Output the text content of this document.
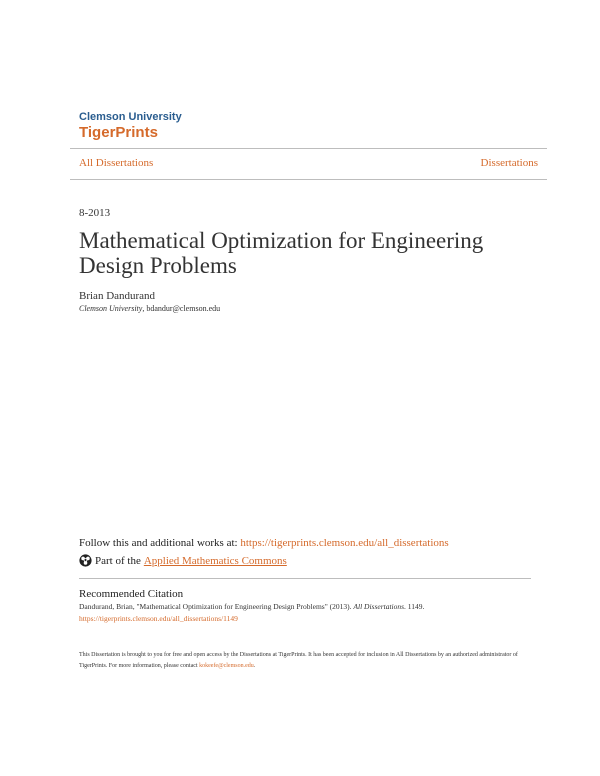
Clemson University
TigerPrints
All Dissertations	Dissertations
8-2013
Mathematical Optimization for Engineering Design Problems
Brian Dandurand
Clemson University, bdandur@clemson.edu
Follow this and additional works at: https://tigerprints.clemson.edu/all_dissertations
Part of the Applied Mathematics Commons
Recommended Citation
Dandurand, Brian, "Mathematical Optimization for Engineering Design Problems" (2013). All Dissertations. 1149.
https://tigerprints.clemson.edu/all_dissertations/1149
This Dissertation is brought to you for free and open access by the Dissertations at TigerPrints. It has been accepted for inclusion in All Dissertations by an authorized administrator of TigerPrints. For more information, please contact kokeefe@clemson.edu.
